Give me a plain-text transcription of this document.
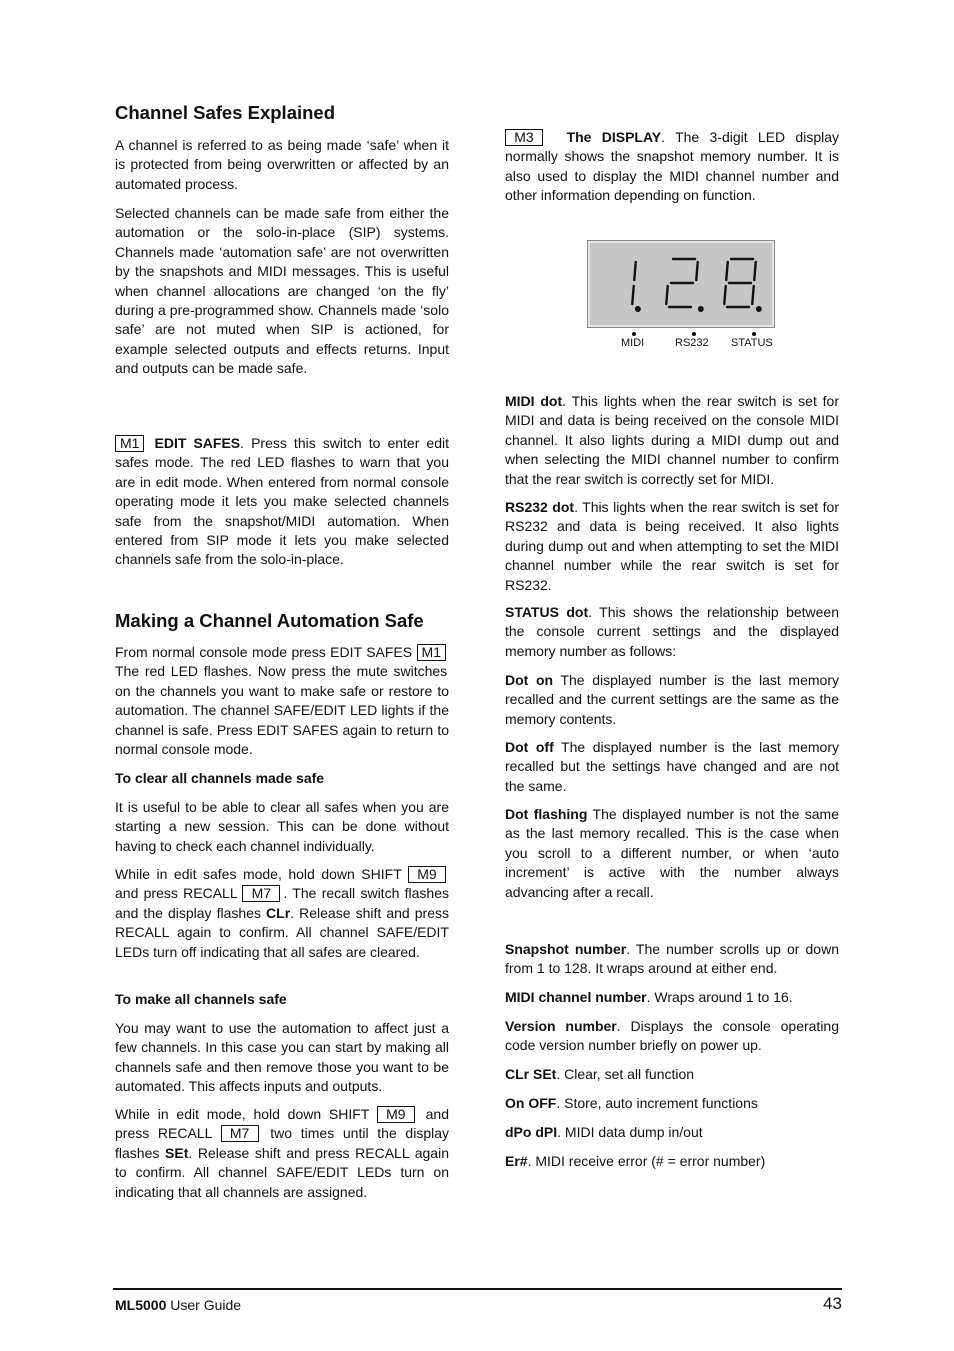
Channel Safes Explained
A channel is referred to as being made ‘safe’ when it is protected from being overwritten or affected by an automated process.
Selected channels can be made safe from either the automation or the solo-in-place (SIP) systems. Channels made ‘automation safe’ are not overwritten by the snapshots and MIDI messages. This is useful when channel allocations are changed ‘on the fly’ during a pre-programmed show. Channels made ‘solo safe’ are not muted when SIP is actioned, for example selected outputs and effects returns. Input and outputs can be made safe.
M1 EDIT SAFES. Press this switch to enter edit safes mode. The red LED flashes to warn that you are in edit mode. When entered from normal console operating mode it lets you make selected channels safe from the snapshot/MIDI automation. When entered from SIP mode it lets you make selected channels safe from the solo-in-place.
Making a Channel Automation Safe
From normal console mode press EDIT SAFES M1 The red LED flashes. Now press the mute switches on the channels you want to make safe or restore to automation. The channel SAFE/EDIT LED lights if the channel is safe. Press EDIT SAFES again to return to normal console mode.
To clear all channels made safe
It is useful to be able to clear all safes when you are starting a new session. This can be done without having to check each channel individually.
While in edit safes mode, hold down SHIFT M9 and press RECALL M7 . The recall switch flashes and the display flashes CLr. Release shift and press RECALL again to confirm. All channel SAFE/EDIT LEDs turn off indicating that all safes are cleared.
To make all channels safe
You may want to use the automation to affect just a few channels. In this case you can start by making all channels safe and then remove those you want to be automated. This affects inputs and outputs.
While in edit mode, hold down SHIFT M9 and press RECALL M7 two times until the display flashes SEt. Release shift and press RECALL again to confirm. All channel SAFE/EDIT LEDs turn on indicating that all channels are assigned.
M3 The DISPLAY. The 3-digit LED display normally shows the snapshot memory number. It is also used to display the MIDI channel number and other information depending on function.
MIDI dot. This lights when the rear switch is set for MIDI and data is being received on the console MIDI channel. It also lights during a MIDI dump out and when selecting the MIDI channel number to confirm that the rear switch is correctly set for MIDI.
RS232 dot. This lights when the rear switch is set for RS232 and data is being received. It also lights during dump out and when attempting to set the MIDI channel number while the rear switch is set for RS232.
STATUS dot. This shows the relationship between the console current settings and the displayed memory number as follows:
Dot on The displayed number is the last memory recalled and the current settings are the same as the memory contents.
Dot off The displayed number is the last memory recalled but the settings have changed and are not the same.
Dot flashing The displayed number is not the same as the last memory recalled. This is the case when you scroll to a different number, or when ‘auto increment’ is active with the number always advancing after a recall.
Snapshot number. The number scrolls up or down from 1 to 128. It wraps around at either end.
MIDI channel number. Wraps around 1 to 16.
Version number. Displays the console operating code version number briefly on power up.
CLr SEt. Clear, set all function
On OFF. Store, auto increment functions
dPo dPI. MIDI data dump in/out
Er#. MIDI receive error (# = error number)
MIDI	RS232 STATUS
ML5000 User Guide	43
